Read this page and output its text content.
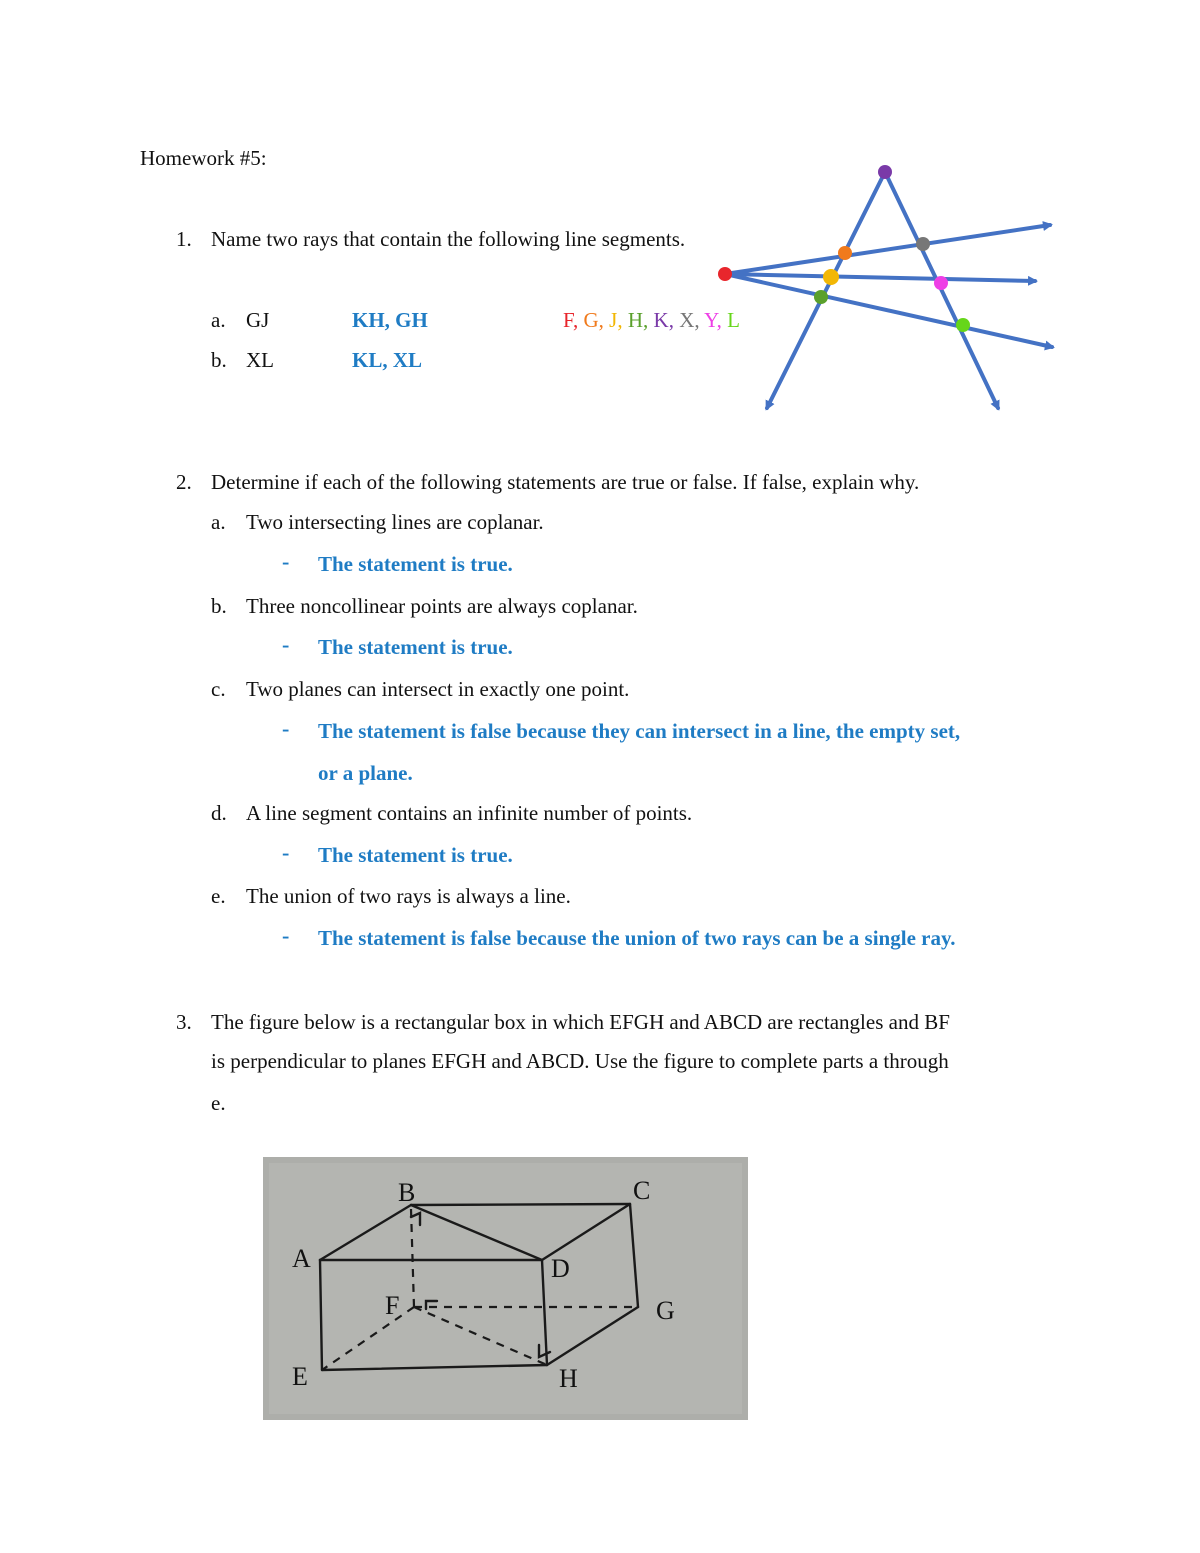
Homework #5:
1. Name two rays that contain the following line segments.
a. GJ	KH, GH
b. XL	KL, XL
F, G, J, H, K, X, Y, L
2. Determine if each of the following statements are true or false. If false, explain why.
a. Two intersecting lines are coplanar.
- The statement is true.
b. Three noncollinear points are always coplanar.
- The statement is true.
c. Two planes can intersect in exactly one point.
- The statement is false because they can intersect in a line, the empty set,
or a plane.
d. A line segment contains an infinite number of points.
- The statement is true.
e. The union of two rays is always a line.
- The statement is false because the union of two rays can be a single ray.
3. The figure below is a rectangular box in which EFGH and ABCD are rectangles and BF
is perpendicular to planes EFGH and ABCD. Use the figure to complete parts a through
e.
B	C
A	D
F	G
E	H
